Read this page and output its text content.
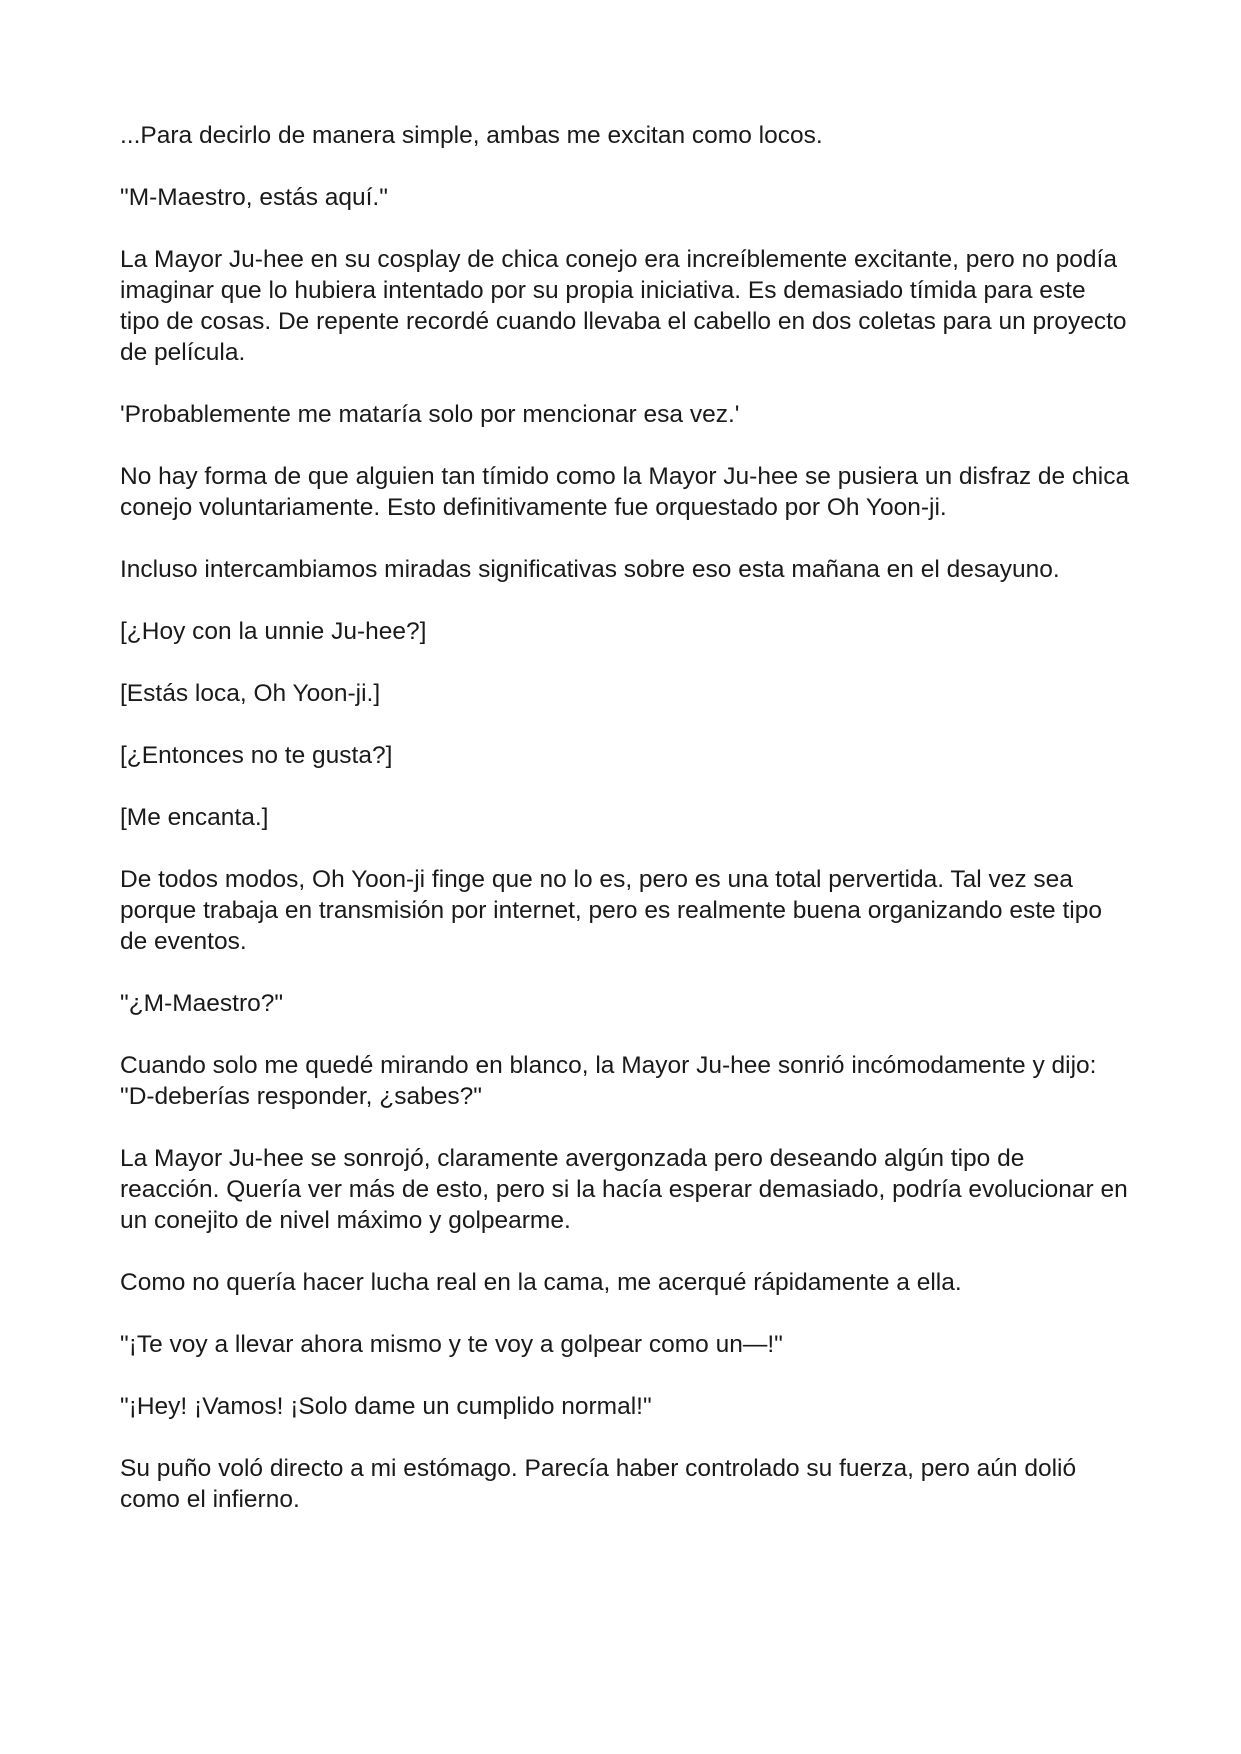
...Para decirlo de manera simple, ambas me excitan como locos.

"M-Maestro, estás aquí."

La Mayor Ju-hee en su cosplay de chica conejo era increíblemente excitante, pero no podía imaginar que lo hubiera intentado por su propia iniciativa. Es demasiado tímida para este tipo de cosas. De repente recordé cuando llevaba el cabello en dos coletas para un proyecto de película.

'Probablemente me mataría solo por mencionar esa vez.'

No hay forma de que alguien tan tímido como la Mayor Ju-hee se pusiera un disfraz de chica conejo voluntariamente. Esto definitivamente fue orquestado por Oh Yoon-ji.

Incluso intercambiamos miradas significativas sobre eso esta mañana en el desayuno.

[¿Hoy con la unnie Ju-hee?]

[Estás loca, Oh Yoon-ji.]

[¿Entonces no te gusta?]

[Me encanta.]

De todos modos, Oh Yoon-ji finge que no lo es, pero es una total pervertida. Tal vez sea porque trabaja en transmisión por internet, pero es realmente buena organizando este tipo de eventos.

"¿M-Maestro?"

Cuando solo me quedé mirando en blanco, la Mayor Ju-hee sonrió incómodamente y dijo: "D-deberías responder, ¿sabes?"

La Mayor Ju-hee se sonrojó, claramente avergonzada pero deseando algún tipo de reacción. Quería ver más de esto, pero si la hacía esperar demasiado, podría evolucionar en un conejito de nivel máximo y golpearme.

Como no quería hacer lucha real en la cama, me acerqué rápidamente a ella.

"¡Te voy a llevar ahora mismo y te voy a golpear como un—!"

"¡Hey! ¡Vamos! ¡Solo dame un cumplido normal!"

Su puño voló directo a mi estómago. Parecía haber controlado su fuerza, pero aún dolió como el infierno.
